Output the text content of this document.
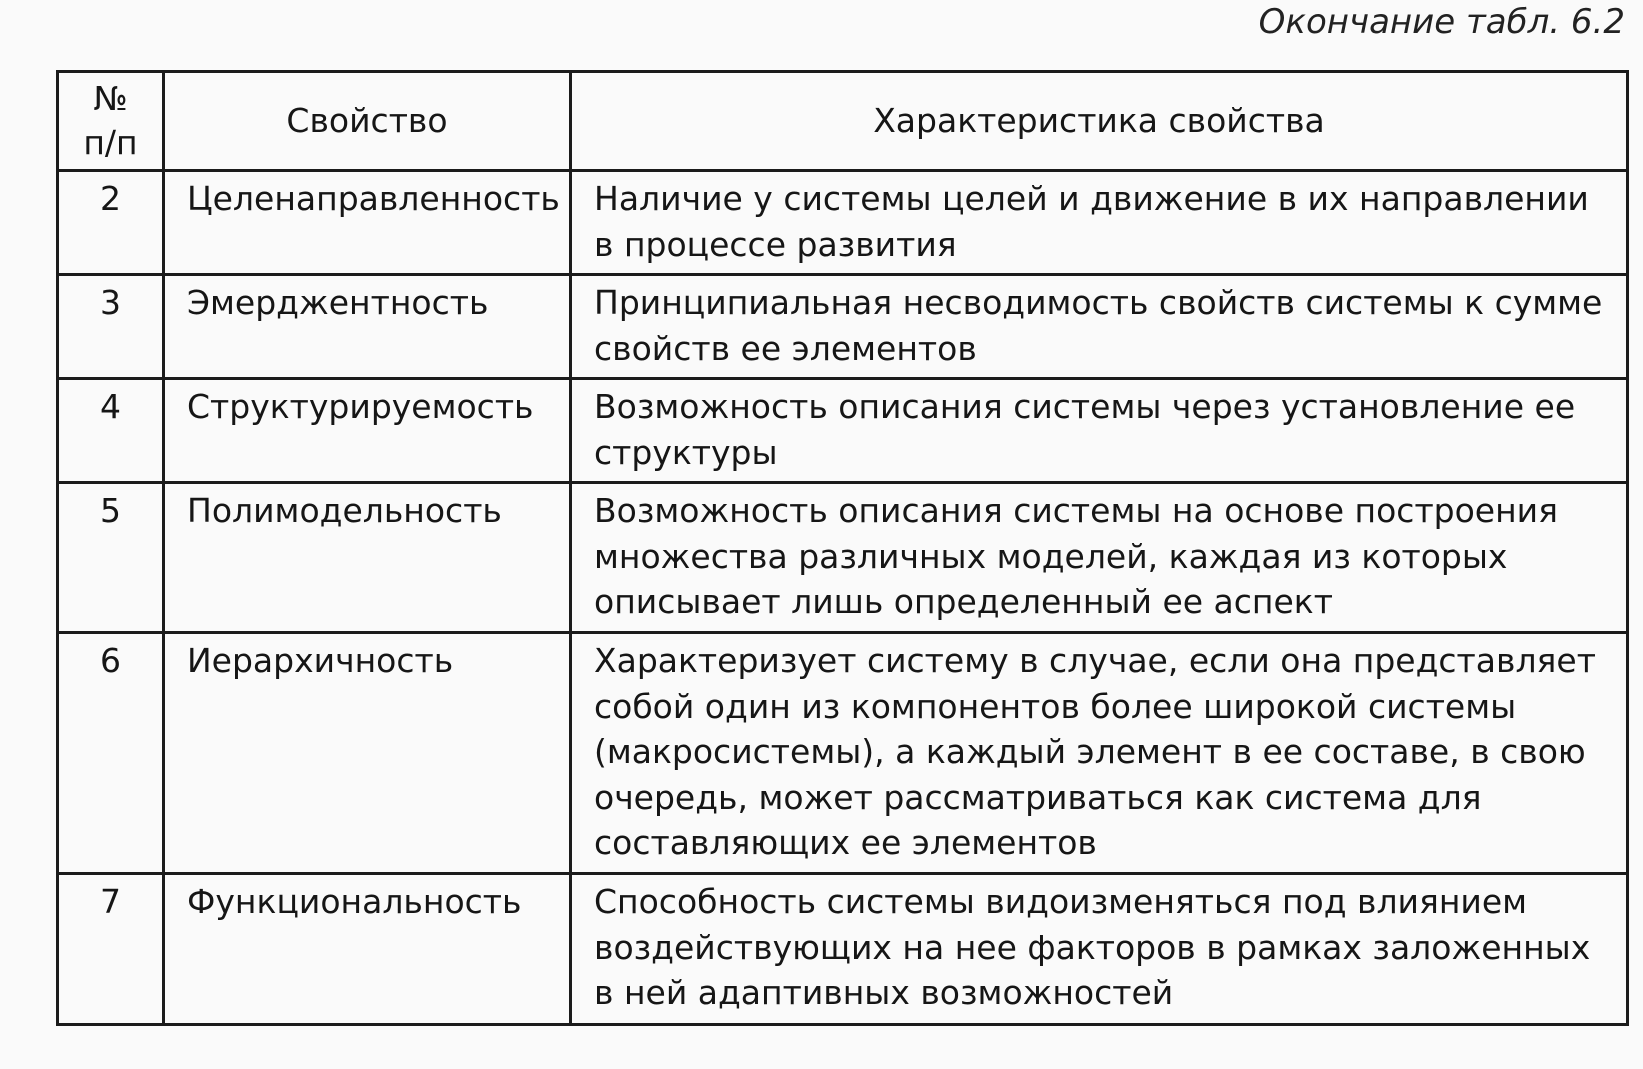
Окончание табл. 6.2
№
п/п	Свойство	Характеристика свойства
2	Целенаправленность	Наличие у системы целей и движение в их направлении в процессе развития
3	Эмерджентность	Принципиальная несводимость свойств системы к сумме свойств ее элементов
4	Структурируемость	Возможность описания системы через установление ее структуры
5	Полимодельность	Возможность описания системы на основе построения множества различных моделей, каждая из которых описывает лишь определенный ее аспект
6	Иерархичность	Характеризует систему в случае, если она представляет собой один из компонентов более широкой системы (макросистемы), а каждый элемент в ее составе, в свою очередь, может рассматриваться как система для составляющих ее элементов
7	Функциональность	Способность системы видоизменяться под влиянием воздействующих на нее факторов в рамках заложенных в ней адаптивных возможностей
